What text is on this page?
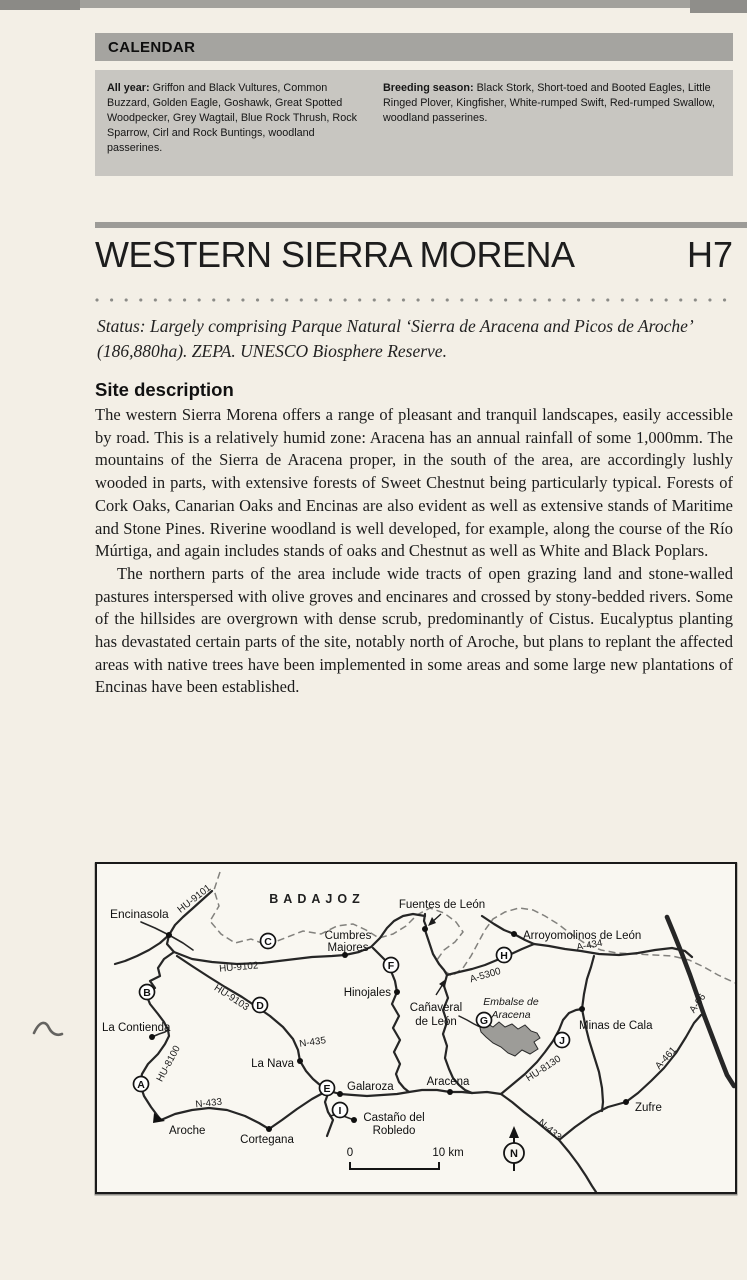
CALENDAR
All year: Griffon and Black Vultures, Common Buzzard, Golden Eagle, Goshawk, Great Spotted Woodpecker, Grey Wagtail, Blue Rock Thrush, Rock Sparrow, Cirl and Rock Buntings, woodland passerines.
Breeding season: Black Stork, Short-toed and Booted Eagles, Little Ringed Plover, Kingfisher, White-rumped Swift, Red-rumped Swallow, woodland passerines.
WESTERN SIERRA MORENA	H7
Status: Largely comprising Parque Natural ‘Sierra de Aracena and Picos de Aroche’ (186,880ha). ZEPA. UNESCO Biosphere Reserve.
Site description

The western Sierra Morena offers a range of pleasant and tranquil landscapes, easily accessible by road. This is a relatively humid zone: Aracena has an annual rainfall of some 1,000mm. The mountains of the Sierra de Aracena proper, in the south of the area, are accordingly lushly wooded in parts, with extensive forests of Sweet Chestnut being particularly typical. Forests of Cork Oaks, Canarian Oaks and Encinas are also evident as well as extensive stands of Maritime and Stone Pines. Riverine woodland is well developed, for example, along the course of the Río Múrtiga, and again includes stands of oaks and Chestnut as well as White and Black Poplars.

The northern parts of the area include wide tracts of open grazing land and stone-walled pastures interspersed with olive groves and encinares and crossed by stony-bedded rivers. Some of the hillsides are overgrown with dense scrub, predominantly of Cistus. Eucalyptus planting has devastated certain parts of the site, notably north of Aroche, but plans to replant the affected areas with native trees have been implemented in some areas and some large new plantations of Encinas have been established.

Embalse de Aracena
BADAJOZ
Encinasola
Cumbres Majores
Fuentes de León
Arroyomolinos de León
Minas de Cala
Hinojales
Cañaveral de León
La Contienda
La Nava
Galaroza
Castaño del Robledo
Aroche
Cortegana
Aracena
Zufre
HU-9101
HU-9102
HU-9103
N-435
N-433
HU-8100
A-5300
A-434
A-66
A-461
HU-8130
N-433
0	10 km	N
A
B
C
D
E
F
G
H
I
J
